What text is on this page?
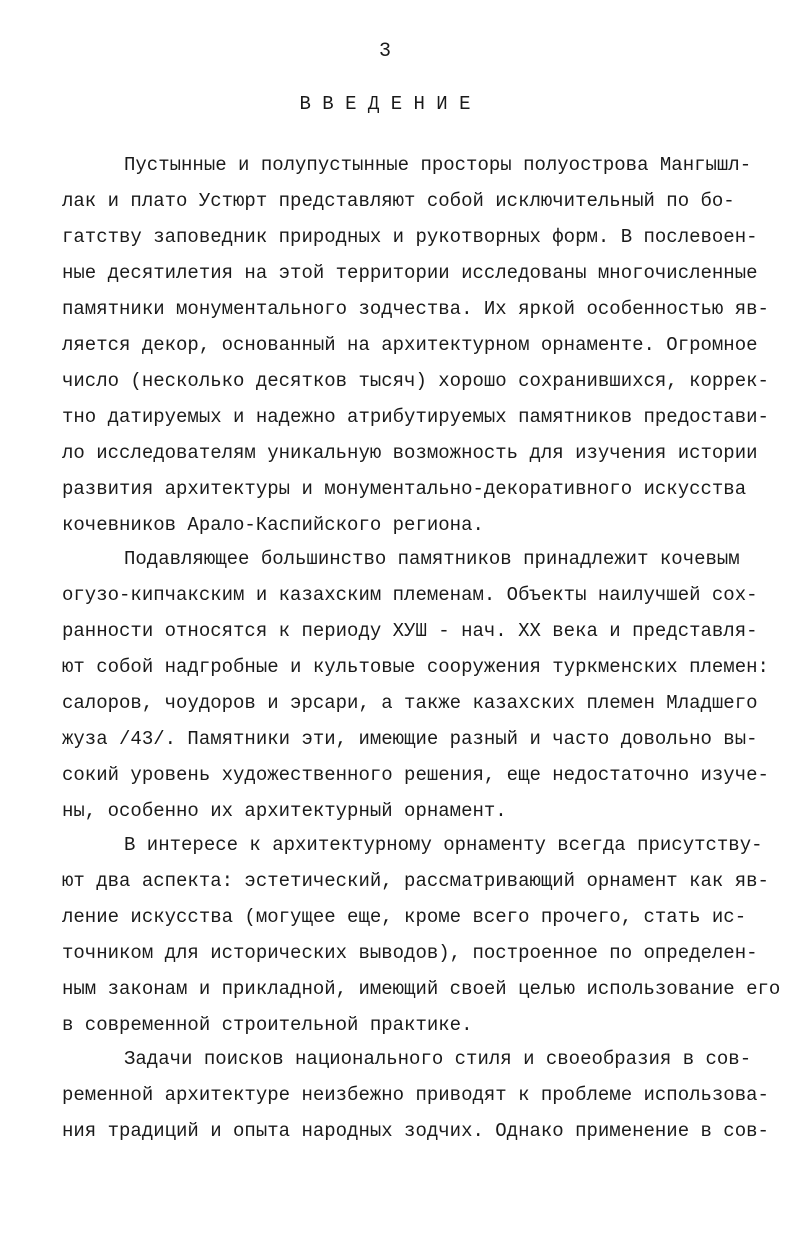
3
В В Е Д Е Н И Е
Пустынные и полупустынные просторы полуострова Мангышл-
лак и плато Устюрт представляют собой исключительный по бо-
гатству заповедник природных и рукотворных форм. В послевоен-
ные десятилетия на этой территории исследованы многочисленные
памятники монументального зодчества. Их яркой особенностью яв-
ляется декор, основанный на архитектурном орнаменте. Огромное
число (несколько десятков тысяч) хорошо сохранившихся, коррек-
тно датируемых и надежно атрибутируемых памятников предостави-
ло исследователям уникальную возможность для изучения истории
развития архитектуры и монументально-декоративного искусства
кочевников Арало-Каспийского региона.
Подавляющее большинство памятников принадлежит кочевым
огузо-кипчакским и казахским племенам. Объекты наилучшей сох-
ранности относятся к периоду ХУШ - нач. XX века и представля-
ют собой надгробные и культовые сооружения туркменских племен:
салоров, чоудоров и эрсари, а также казахских племен Младшего
жуза /43/. Памятники эти, имеющие разный и часто довольно вы-
сокий уровень художественного решения, еще недостаточно изуче-
ны, особенно их архитектурный орнамент.
В интересе к архитектурному орнаменту всегда присутству-
ют два аспекта: эстетический, рассматривающий орнамент как яв-
ление искусства (могущее еще, кроме всего прочего, стать ис-
точником для исторических выводов), построенное по определен-
ным законам и прикладной, имеющий своей целью использование его
в современной строительной практике.
Задачи поисков национального стиля и своеобразия в сов-
ременной архитектуре неизбежно приводят к проблеме использова-
ния традиций и опыта народных зодчих. Однако применение в сов-
